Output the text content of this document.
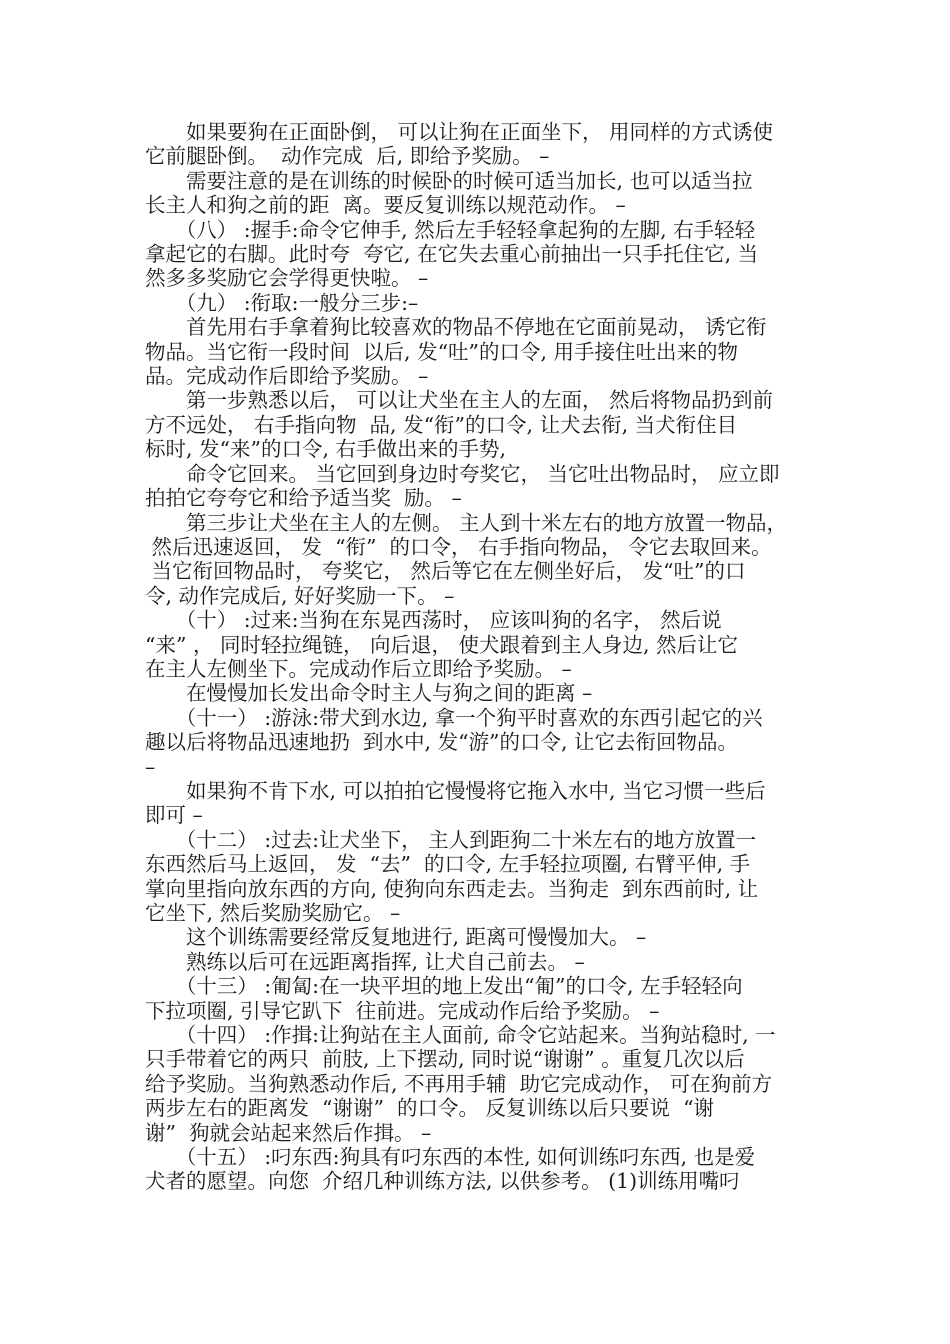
　　如果要狗在正面卧倒， 可以让狗在正面坐下， 用同样的方式诱使
它前腿卧倒。  动作完成  后, 即给予奖励。 –
　　需要注意的是在训练的时候卧的时候可适当加长, 也可以适当拉
长主人和狗之前的距  离。要反复训练以规范动作。 –
　　（八） :握手:命令它伸手, 然后左手轻轻拿起狗的左脚, 右手轻轻
拿起它的右脚。此时夸  夸它, 在它失去重心前抽出一只手托住它, 当
然多多奖励它会学得更快啦。 –
　　（九） :衔取:一般分三步:–
　　首先用右手拿着狗比较喜欢的物品不停地在它面前晃动， 诱它衔
物品。当它衔一段时间  以后, 发“吐”的口令, 用手接住吐出来的物
品。完成动作后即给予奖励。 –
　　第一步熟悉以后， 可以让犬坐在主人的左面， 然后将物品扔到前
方不远处， 右手指向物  品, 发“衔”的口令, 让犬去衔, 当犬衔住目
标时, 发“来”的口令, 右手做出来的手势,
　　命令它回来。 当它回到身边时夸奖它， 当它吐出物品时， 应立即
拍拍它夸夸它和给予适当奖  励。 –
　　第三步让犬坐在主人的左侧。 主人到十米左右的地方放置一物品，
然后迅速返回， 发  “衔”  的口令， 右手指向物品， 令它去取回来。
当它衔回物品时， 夸奖它， 然后等它在左侧坐好后， 发“吐”的口
令, 动作完成后, 好好奖励一下。 –
　　（十） :过来:当狗在东晃西荡时， 应该叫狗的名字， 然后说
“来” ， 同时轻拉绳链， 向后退， 使犬跟着到主人身边, 然后让它
在主人左侧坐下。完成动作后立即给予奖励。 –
　　在慢慢加长发出命令时主人与狗之间的距离 –
　　（十一） :游泳:带犬到水边, 拿一个狗平时喜欢的东西引起它的兴
趣以后将物品迅速地扔  到水中, 发“游”的口令, 让它去衔回物品。
–
　　如果狗不肯下水, 可以拍拍它慢慢将它拖入水中, 当它习惯一些后
即可 –
　　（十二） :过去:让犬坐下， 主人到距狗二十米左右的地方放置一
东西然后马上返回， 发  “去”  的口令, 左手轻拉项圈, 右臂平伸, 手
掌向里指向放东西的方向, 使狗向东西走去。当狗走  到东西前时, 让
它坐下, 然后奖励奖励它。 –
　　这个训练需要经常反复地进行, 距离可慢慢加大。 –
　　熟练以后可在远距离指挥, 让犬自己前去。 –
　　（十三） :匍匐:在一块平坦的地上发出“匍”的口令, 左手轻轻向
下拉项圈, 引导它趴下  往前进。完成动作后给予奖励。 –
　　（十四） :作揖:让狗站在主人面前, 命令它站起来。当狗站稳时, 一
只手带着它的两只  前肢, 上下摆动, 同时说“谢谢” 。重复几次以后
给予奖励。当狗熟悉动作后, 不再用手辅  助它完成动作， 可在狗前方
两步左右的距离发  “谢谢”  的口令。 反复训练以后只要说  “谢
谢”  狗就会站起来然后作揖。 –
　　（十五） :叼东西:狗具有叼东西的本性, 如何训练叼东西, 也是爱
犬者的愿望。向您  介绍几种训练方法, 以供参考。 (1)训练用嘴叼
